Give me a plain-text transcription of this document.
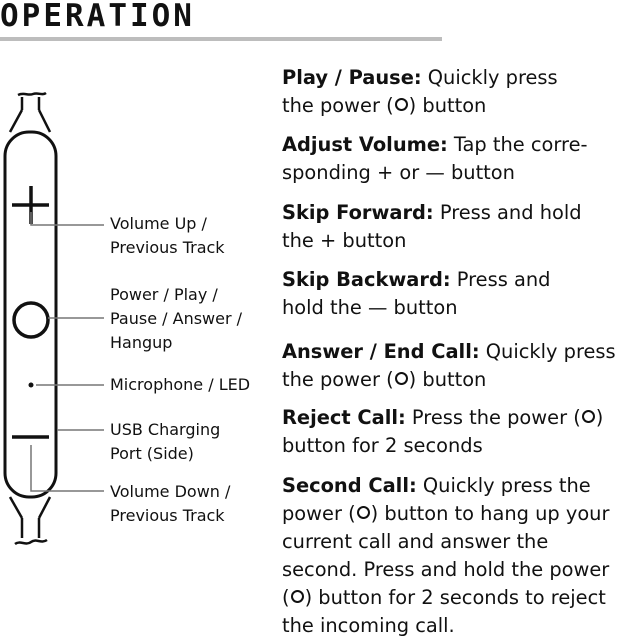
OPERATION
Volume Up /
Previous Track
Power / Play /
Pause / Answer /
Hangup
Microphone / LED
USB Charging
Port (Side)
Volume Down /
Previous Track
Play / Pause: Quickly press
the power ( ) button
Adjust Volume: Tap the corre-
sponding + or — button
Skip Forward: Press and hold
the + button
Skip Backward: Press and
hold the — button
Answer / End Call: Quickly press
the power ( ) button
Reject Call: Press the power ( )
button for 2 seconds
Second Call: Quickly press the
power ( ) button to hang up your
current call and answer the
second. Press and hold the power
( ) button for 2 seconds to reject
the incoming call.
